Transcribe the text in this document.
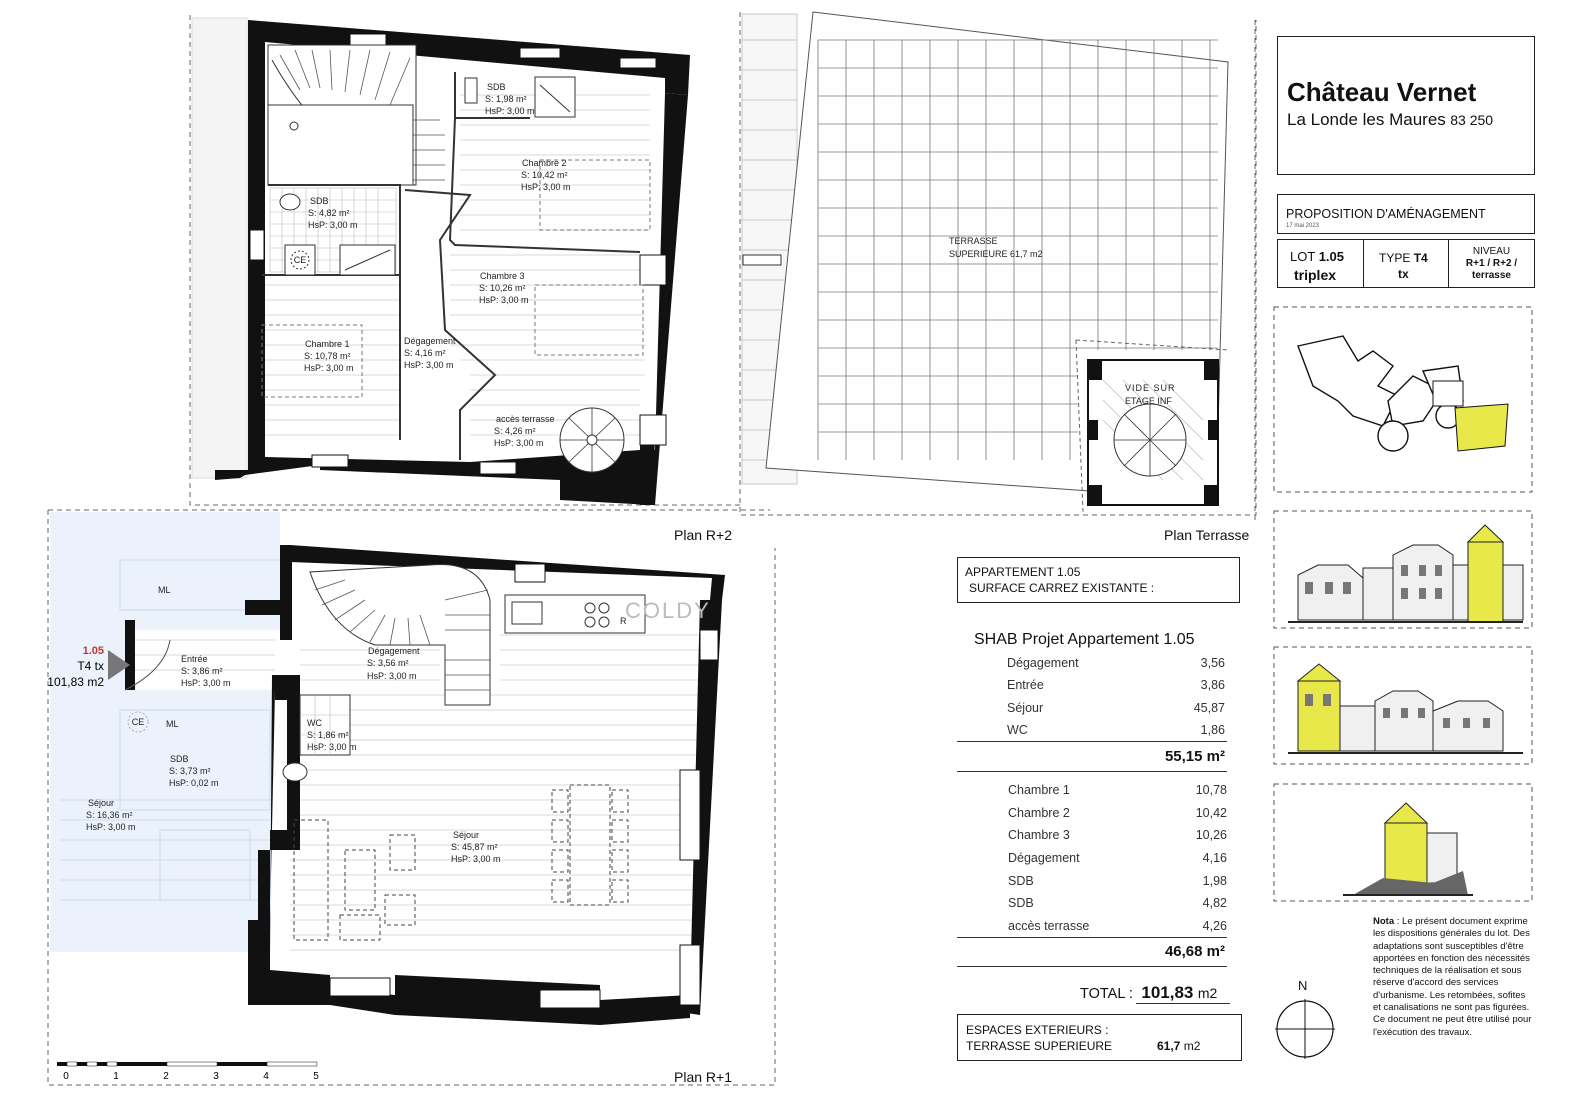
CE
SDB
S: 1,98 m²
HsP: 3,00 m
Chambre 2
S: 10,42 m²
HsP: 3,00 m
SDB
S: 4,82 m²
HsP: 3,00 m
Chambre 3
S: 10,26 m²
HsP: 3,00 m
Chambre 1
S: 10,78 m²
HsP: 3,00 m
Dégagement
S: 4,16 m²
HsP: 3,00 m
accès terrasse
S: 4,26 m²
HsP: 3,00 m
TERRASSE
SUPERIEURE 61,7 m2
VIDE SUR
ETAGE INF
Plan R+2	Plan Terrasse
ML
ML
CE
SDB
S: 3,73 m²
HsP: 0,02 m
Séjour
S: 16,36 m²
HsP: 3,00 m
R
COLDY
Entrée
S: 3,86 m²
HsP: 3,00 m
Dégagement
S: 3,56 m²
HsP: 3,00 m
WC
S: 1,86 m²
HsP: 3,00 m
Séjour
S: 45,87 m²
HsP: 3,00 m
1.05
T4 tx
101,83 m2
0	1	2	3	4	5	Plan R+1
Château Vernet
La Londe les Maures 83 250
PROPOSITION D'AMÉNAGEMENT
17 mai 2023
LOT 1.05
triplex
TYPE T4
tx
NIVEAU
R+1 / R+2 /
terrasse
APPARTEMENT 1.05
SURFACE CARREZ EXISTANTE :
SHAB Projet Appartement 1.05
Dégagement	3,56
Entrée	3,86
Séjour	45,87
WC	1,86
55,15 m²
Chambre 1	10,78
Chambre 2	10,42
Chambre 3	10,26
Dégagement	4,16
SDB	1,98
SDB	4,82
accès terrasse	4,26
46,68 m²
TOTAL : 101,83 m2
ESPACES EXTERIEURS :
TERRASSE SUPERIEURE	61,7 m2
N
Nota : Le présent document exprime les dispositions générales du lot. Des adaptations sont susceptibles d'être apportées en fonction des nécessités techniques de la réalisation et sous réserve d'accord des services d'urbanisme. Les retombées, sofites et canalisations ne sont pas figurées. Ce document ne peut être utilisé pour l'exécution des travaux.
